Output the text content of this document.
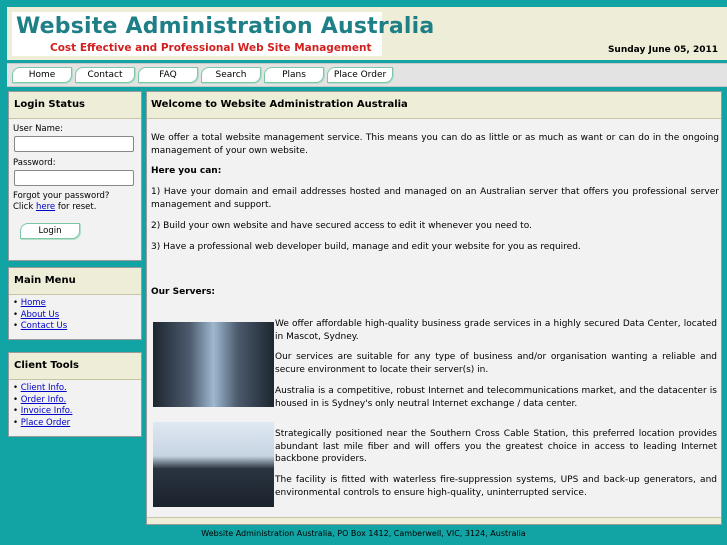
Website Administration Australia
Cost Effective and Professional Web Site Management	Sunday June 05, 2011
Home	Contact	FAQ	Search	Plans	Place Order
Login Status
User Name:
Password:
Forgot your password?
Click here for reset.
Login
Main Menu
• Home
• About Us
• Contact Us
Client Tools
• Client Info.
• Order Info.
• Invoice Info.
• Place Order
Welcome to Website Administration Australia

We offer a total website management service. This means you can do as little or as much as want or can do in the ongoing management of your own website.

Here you can:

1) Have your domain and email addresses hosted and managed on an Australian server that offers you professional server management and support.

2) Build your own website and have secured access to edit it whenever you need to.

3) Have a professional web developer build, manage and edit your website for you as required.

Our Servers:

We offer affordable high-quality business grade services in a highly secured Data Center, located in Mascot, Sydney.

Our services are suitable for any type of business and/or organisation wanting a reliable and secure environment to locate their server(s) in.

Australia is a competitive, robust Internet and telecommunications market, and the datacenter is housed in is Sydney's only neutral Internet exchange / data center.

Strategically positioned near the Southern Cross Cable Station, this preferred location provides abundant last mile fiber and will offers you the greatest choice in access to leading Internet backbone providers.

The facility is fitted with waterless fire-suppression systems, UPS and back-up generators, and environmental controls to ensure high-quality, uninterrupted service.

Website Administration Australia, PO Box 1412, Camberwell, VIC, 3124, Australia
